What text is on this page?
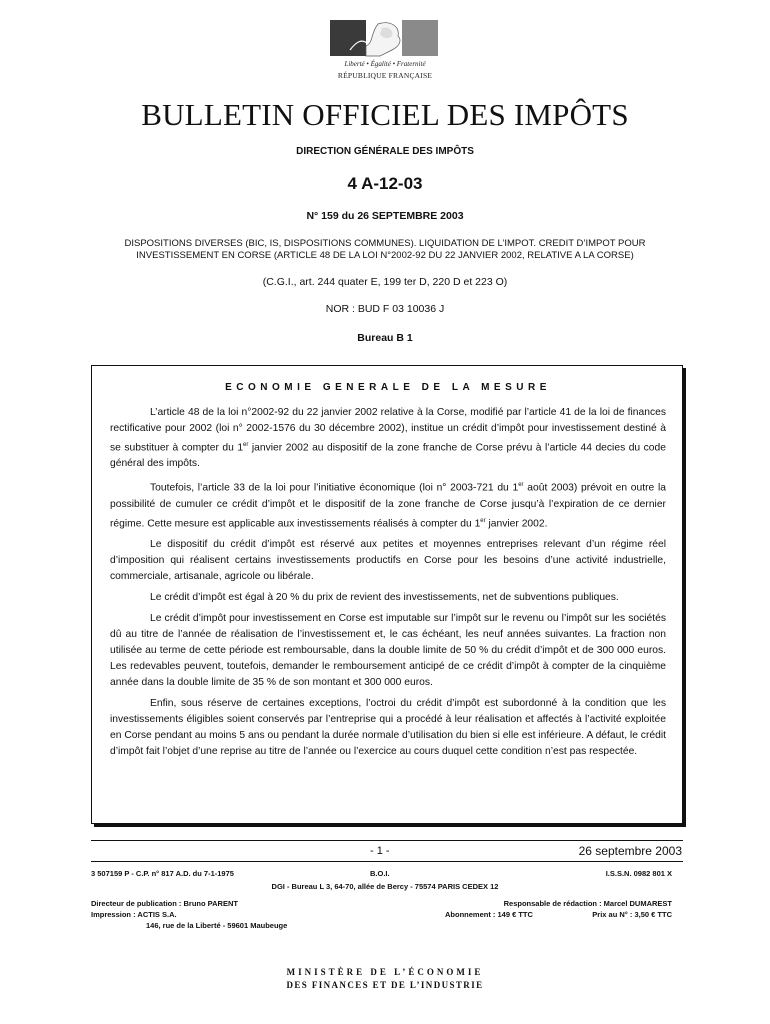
Liberté • Égalité • Fraternité
RÉPUBLIQUE FRANÇAISE
BULLETIN OFFICIEL DES IMPÔTS
DIRECTION GÉNÉRALE DES IMPÔTS
4 A-12-03
N° 159 du 26 SEPTEMBRE 2003
DISPOSITIONS DIVERSES (BIC, IS, DISPOSITIONS COMMUNES). LIQUIDATION DE L’IMPOT. CREDIT D’IMPOT POUR
INVESTISSEMENT EN CORSE (ARTICLE 48 DE LA LOI N°2002-92 DU 22 JANVIER 2002, RELATIVE A LA CORSE)
(C.G.I., art. 244 quater E, 199 ter D, 220 D et 223 O)
NOR : BUD F 03 10036 J
Bureau B 1
ECONOMIE GENERALE DE LA MESURE

L’article 48 de la loi n°2002-92 du 22 janvier 2002 relative à la Corse, modifié par l’article 41 de la loi de finances rectificative pour 2002 (loi n° 2002-1576 du 30 décembre 2002), institue un crédit d’impôt pour investissement destiné à se substituer à compter du 1er janvier 2002 au dispositif de la zone franche de Corse prévu à l’article 44 decies du code général des impôts.

Toutefois, l’article 33 de la loi pour l’initiative économique (loi n° 2003-721 du 1er août 2003) prévoit en outre la possibilité de cumuler ce crédit d’impôt et le dispositif de la zone franche de Corse jusqu’à l’expiration de ce dernier régime. Cette mesure est applicable aux investissements réalisés à compter du 1er janvier 2002.

Le dispositif du crédit d’impôt est réservé aux petites et moyennes entreprises relevant d’un régime réel d’imposition qui réalisent certains investissements productifs en Corse pour les besoins d’une activité industrielle, commerciale, artisanale, agricole ou libérale.

Le crédit d’impôt est égal à 20 % du prix de revient des investissements, net de subventions publiques.

Le crédit d’impôt pour investissement en Corse est imputable sur l’impôt sur le revenu ou l’impôt sur les sociétés dû au titre de l’année de réalisation de l’investissement et, le cas échéant, les neuf années suivantes. La fraction non utilisée au terme de cette période est remboursable, dans la double limite de 50 % du crédit d’impôt et de 300 000 euros. Les redevables peuvent, toutefois, demander le remboursement anticipé de ce crédit d’impôt à compter de la cinquième année dans la double limite de 35 % de son montant et 300 000 euros.

Enfin, sous réserve de certaines exceptions, l’octroi du crédit d’impôt est subordonné à la condition que les investissements éligibles soient conservés par l’entreprise qui a procédé à leur réalisation et affectés à l’activité exploitée en Corse pendant au moins 5 ans ou pendant la durée normale d’utilisation du bien si elle est inférieure. A défaut, le crédit d’impôt fait l’objet d’une reprise au titre de l’année ou l’exercice au cours duquel cette condition n’est pas respectée.

- 1 -	26 septembre 2003
3 507159 P - C.P. n° 817 A.D. du 7-1-1975	B.O.I.	I.S.S.N. 0982 801 X
DGI - Bureau L 3, 64-70, allée de Bercy - 75574 PARIS CEDEX 12
Directeur de publication : Bruno PARENT	Responsable de rédaction : Marcel DUMAREST
Impression : ACTIS S.A.	Abonnement : 149 € TTC	Prix au N° : 3,50 € TTC
146, rue de la Liberté - 59601 Maubeuge
MINISTÈRE DE L’ÉCONOMIE
DES FINANCES ET DE L’INDUSTRIE
